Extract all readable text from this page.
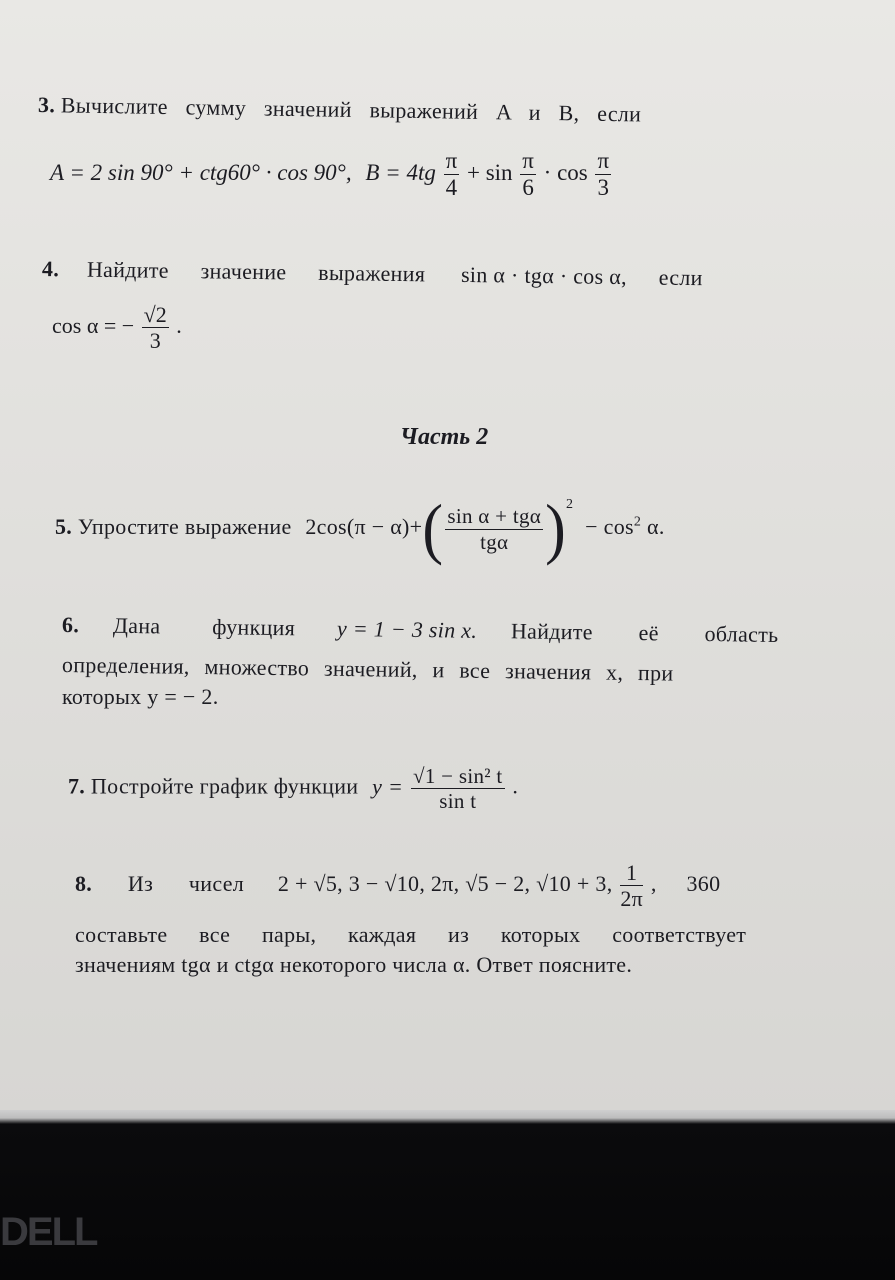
3. Вычислите сумму значений выражений A и B, если
A = 2 sin 90° + ctg60° · cos 90°, $B = 4tg \frac{\pi}{4} + \sin \frac{\pi}{6} \cdot \cos \frac{\pi}{3}$
4. Найдите значение выражения sin α · tgα · cos α, если
cos α = − $\frac{√2}{3}$ .
Часть 2
5. Упростите выражение $2\cos(\pi - \alpha)+( \frac{\text{sin α + tgα}}{\text{tgα}} )^2 - \cos^2 \alpha$.
6. Дана функция y = 1 − 3 sin x. Найдите её область
определения, множество значений, и все значения x, при
которых y = − 2.
7. Постройте график функции $y = \frac{\text{√1 − sin² t}}{\text{sin t}}$ .
8. Из чисел 2 + √5, 3 − √10, 2π, √5 − 2, √10 + 3, $\frac{1}{2\pi}$ , 360
составьте все пары, каждая из которых соответствует
значениям tgα и ctgα некоторого числа α. Ответ поясните.
DELL
